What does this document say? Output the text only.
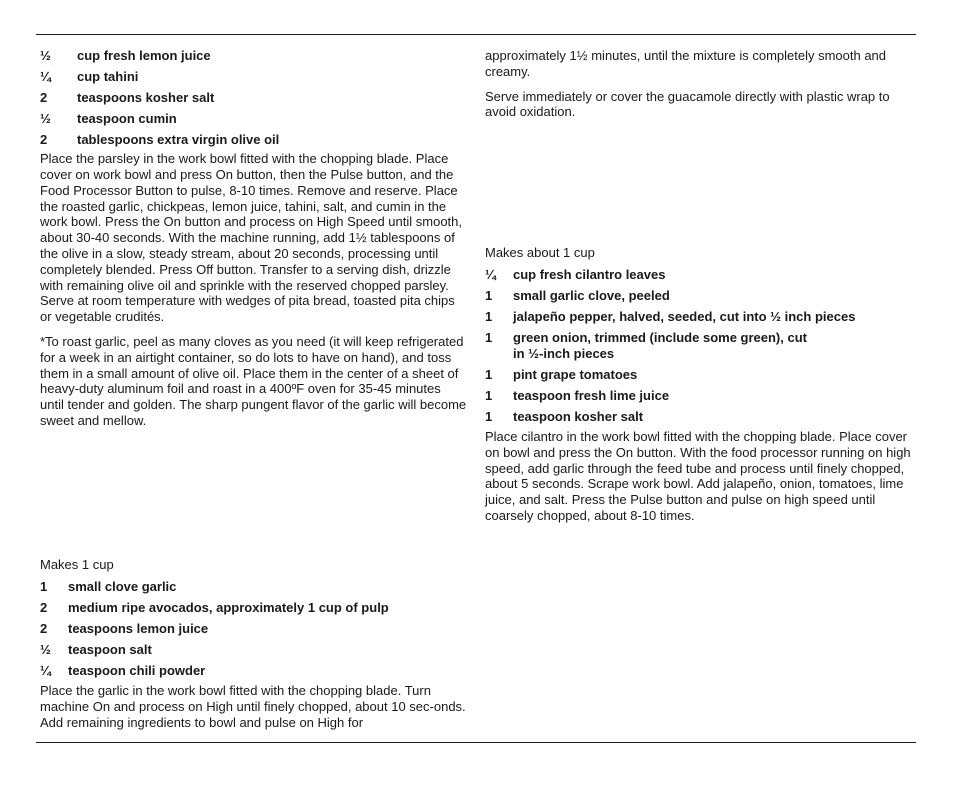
½	cup fresh lemon juice
¼	cup tahini
2	teaspoons kosher salt
½	teaspoon cumin
2	tablespoons extra virgin olive oil

Place the parsley in the work bowl fitted with the chopping blade. Place cover on work bowl and press On button, then the Pulse button, and the Food Processor Button to pulse, 8-10 times. Remove and reserve. Place the roasted garlic, chickpeas, lemon juice, tahini, salt, and cumin in the work bowl. Press the On button and process on High Speed until smooth, about 30-40 seconds. With the machine running, add 1½ tablespoons of the olive in a slow, steady stream, about 20 seconds, processing until completely blended. Press Off button. Transfer to a serving dish, drizzle with remaining olive oil and sprinkle with the reserved chopped parsley. Serve at room temperature with wedges of pita bread, toasted pita chips or vegetable crudités.

*To roast garlic, peel as many cloves as you need (it will keep refrigerated for a week in an airtight container, so do lots to have on hand), and toss them in a small amount of olive oil. Place them in the center of a sheet of heavy-duty aluminum foil and roast in a 400ºF oven for 35-45 minutes until tender and golden. The sharp pungent flavor of the garlic will become sweet and mellow.

Makes 1 cup

1	small clove garlic
2	medium ripe avocados, approximately 1 cup of pulp
2	teaspoons lemon juice
½	teaspoon salt
¼	teaspoon chili powder

Place the garlic in the work bowl fitted with the chopping blade. Turn machine On and process on High until finely chopped, about 10 sec-onds. Add remaining ingredients to bowl and pulse on High for

approximately 1½ minutes, until the mixture is completely smooth and creamy.

Serve immediately or cover the guacamole directly with plastic wrap to avoid oxidation.

Makes about 1 cup

¼	cup fresh cilantro leaves
1	small garlic clove, peeled
1	jalapeño pepper, halved, seeded, cut into ½ inch pieces
1	green onion, trimmed (include some green), cut in ½-inch pieces
1	pint grape tomatoes
1	teaspoon fresh lime juice
1	teaspoon kosher salt

Place cilantro in the work bowl fitted with the chopping blade. Place cover on bowl and press the On button. With the food processor running on high speed, add garlic through the feed tube and process until finely chopped, about 5 seconds. Scrape work bowl. Add jalapeño, onion, tomatoes, lime juice, and salt. Press the Pulse button and pulse on high speed until coarsely chopped, about 8-10 times.
